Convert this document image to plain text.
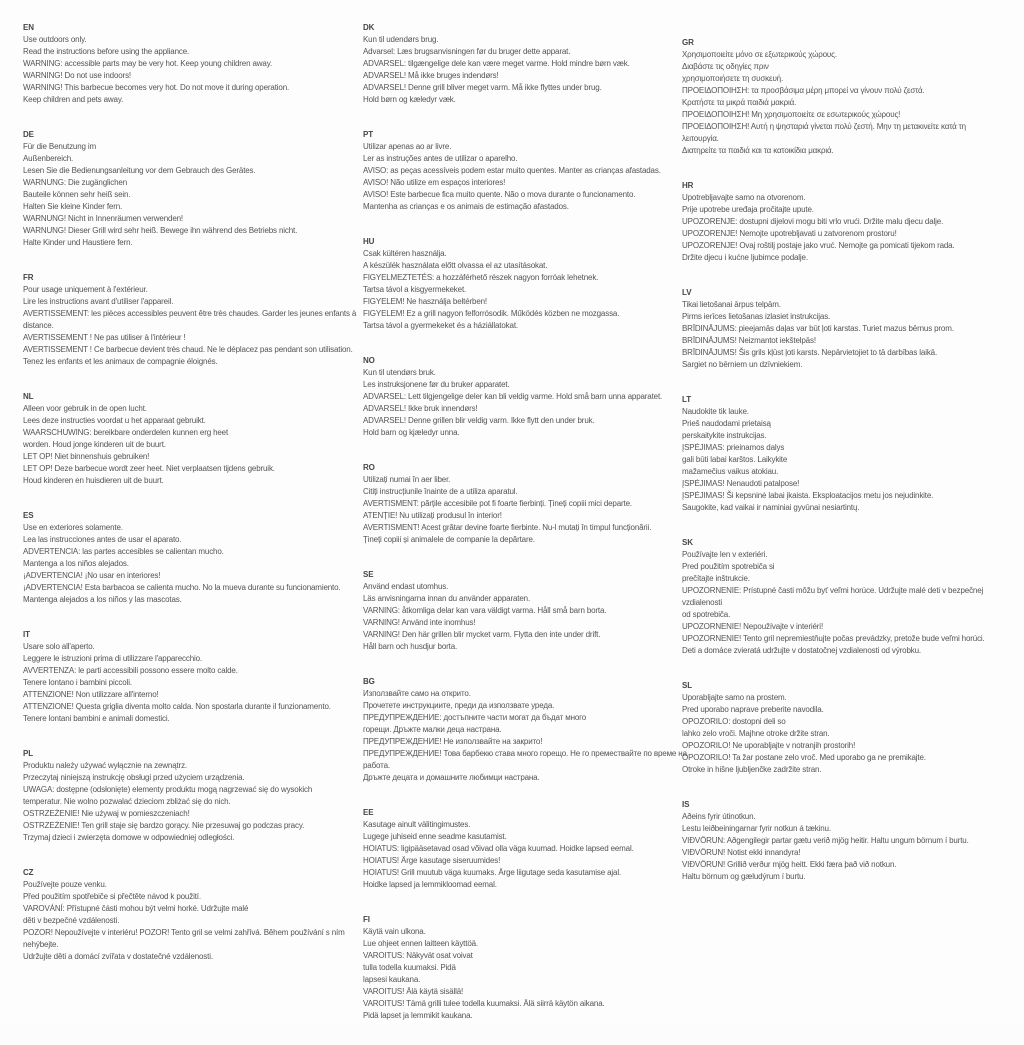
EN
Use outdoors only.
Read the instructions before using the appliance.
WARNING: accessible parts may be very hot. Keep young children away.
WARNING! Do not use indoors!
WARNING! This barbecue becomes very hot. Do not move it during operation.
Keep children and pets away.
DE
Für die Benutzung im
Außenbereich.
Lesen Sie die Bedienungsanleitung vor dem Gebrauch des Gerätes.
WARNUNG: Die zugänglichen
Bauteile können sehr heiß sein.
Halten Sie kleine Kinder fern.
WARNUNG! Nicht in Innenräumen verwenden!
WARNUNG! Dieser Grill wird sehr heiß. Bewege ihn während des Betriebs nicht.
Halte Kinder und Haustiere fern.
FR
Pour usage uniquement à l'extérieur.
Lire les instructions avant d'utiliser l'appareil.
AVERTISSEMENT: les pièces accessibles peuvent être très chaudes. Garder les jeunes enfants à
distance.
AVERTISSEMENT ! Ne pas utiliser à l'intérieur !
AVERTISSEMENT ! Ce barbecue devient très chaud. Ne le déplacez pas pendant son utilisation.
Tenez les enfants et les animaux de compagnie éloignés.
NL
Alleen voor gebruik in de open lucht.
Lees deze instructies voordat u het apparaat gebruikt.
WAARSCHUWING: bereikbare onderdelen kunnen erg heet
worden. Houd jonge kinderen uit de buurt.
LET OP! Niet binnenshuis gebruiken!
LET OP! Deze barbecue wordt zeer heet. Niet verplaatsen tijdens gebruik.
Houd kinderen en huisdieren uit de buurt.
ES
Use en exteriores solamente.
Lea las instrucciones antes de usar el aparato.
ADVERTENCIA: las partes accesibles se calientan mucho.
Mantenga a los niños alejados.
¡ADVERTENCIA! ¡No usar en interiores!
¡ADVERTENCIA! Esta barbacoa se calienta mucho. No la mueva durante su funcionamiento.
Mantenga alejados a los niños y las mascotas.
IT
Usare solo all'aperto.
Leggere le istruzioni prima di utilizzare l'apparecchio.
AVVERTENZA: le parti accessibili possono essere molto calde.
Tenere lontano i bambini piccoli.
ATTENZIONE! Non utilizzare all'interno!
ATTENZIONE! Questa griglia diventa molto calda. Non spostarla durante il funzionamento.
Tenere lontani bambini e animali domestici.
PL
Produktu należy używać wyłącznie na zewnątrz.
Przeczytaj niniejszą instrukcję obsługi przed użyciem urządzenia.
UWAGA: dostępne (odsłonięte) elementy produktu mogą nagrzewać się do wysokich
temperatur. Nie wolno pozwalać dzieciom zbliżać się do nich.
OSTRZEŻENIE! Nie używaj w pomieszczeniach!
OSTRZEŻENIE! Ten grill staje się bardzo gorący. Nie przesuwaj go podczas pracy.
Trzymaj dzieci i zwierzęta domowe w odpowiedniej odległości.
CZ
Používejte pouze venku.
Před použitím spotřebiče si přečtěte návod k použití.
VAROVÁNÍ: Přístupné části mohou být velmi horké. Udržujte malé
děti v bezpečné vzdálenosti.
POZOR! Nepoužívejte v interiéru! POZOR! Tento gril se velmi zahřívá. Během používání s ním
nehýbejte.
Udržujte děti a domácí zvířata v dostatečné vzdálenosti.
DK
Kun til udendørs brug.
Advarsel: Læs brugsanvisningen før du bruger dette apparat.
ADVARSEL: tilgængelige dele kan være meget varme. Hold mindre børn væk.
ADVARSEL! Må ikke bruges indendørs!
ADVARSEL! Denne grill bliver meget varm. Må ikke flyttes under brug.
Hold børn og kæledyr væk.
PT
Utilizar apenas ao ar livre.
Ler as instruções antes de utilizar o aparelho.
AVISO: as peças acessíveis podem estar muito quentes. Manter as crianças afastadas.
AVISO! Não utilize em espaços interiores!
AVISO! Este barbecue fica muito quente. Não o mova durante o funcionamento.
Mantenha as crianças e os animais de estimação afastados.
HU
Csak kültéren használja.
A készülék használata előtt olvassa el az utasításokat.
FIGYELMEZTETÉS: a hozzáférhető részek nagyon forróak lehetnek.
Tartsa távol a kisgyermekeket.
FIGYELEM! Ne használja beltérben!
FIGYELEM! Ez a grill nagyon felforrósodik. Működés közben ne mozgassa.
Tartsa távol a gyermekeket és a háziállatokat.
NO
Kun til utendørs bruk.
Les instruksjonene før du bruker apparatet.
ADVARSEL: Lett tilgjengelige deler kan bli veldig varme. Hold små barn unna apparatet.
ADVARSEL! Ikke bruk innendørs!
ADVARSEL! Denne grillen blir veldig varm. Ikke flytt den under bruk.
Hold barn og kjæledyr unna.
RO
Utilizați numai în aer liber.
Citiți instrucțiunile înainte de a utiliza aparatul.
AVERTISMENT: părțile accesibile pot fi foarte fierbinți. Țineți copiii mici departe.
ATENȚIE! Nu utilizați produsul în interior!
AVERTISMENT! Acest grătar devine foarte fierbinte. Nu-l mutați în timpul funcționării.
Țineți copiii și animalele de companie la depărtare.
SE
Använd endast utomhus.
Läs anvisningarna innan du använder apparaten.
VARNING: åtkomliga delar kan vara väldigt varma. Håll små barn borta.
VARNING! Använd inte inomhus!
VARNING! Den här grillen blir mycket varm. Flytta den inte under drift.
Håll barn och husdjur borta.
BG
Използвайте само на открито.
Прочетете инструкциите, преди да използвате уреда.
ПРЕДУПРЕЖДЕНИЕ: достъпните части могат да бъдат много
горещи. Дръжте малки деца настрана.
ПРЕДУПРЕЖДЕНИЕ! Не използвайте на закрито!
ПРЕДУПРЕЖДЕНИЕ! Това барбекю става много горещо. Не го премествайте по време на
работа.
Дръжте децата и домашните любимци настрана.
EE
Kasutage ainult välitingimustes.
Lugege juhiseid enne seadme kasutamist.
HOIATUS: ligipääsetavad osad võivad olla väga kuumad. Hoidke lapsed eemal.
HOIATUS! Ärge kasutage siseruumides!
HOIATUS! Grill muutub väga kuumaks. Ärge liigutage seda kasutamise ajal.
Hoidke lapsed ja lemmikloomad eemal.
FI
Käytä vain ulkona.
Lue ohjeet ennen laitteen käyttöä.
VAROITUS: Näkyvät osat voivat
tulla todella kuumaksi. Pidä
lapsesi kaukana.
VAROITUS! Älä käytä sisällä!
VAROITUS! Tämä grilli tulee todella kuumaksi. Älä siirrä käytön aikana.
Pidä lapset ja lemmikit kaukana.
GR
Χρησιμοποιείτε μόνο σε εξωτερικούς χώρους.
Διαβάστε τις οδηγίες πριν
χρησιμοποιήσετε τη συσκευή.
ΠΡΟΕΙΔΟΠΟΙΗΣΗ: τα προσβάσιμα μέρη μπορεί να γίνουν πολύ ζεστά.
Κρατήστε τα μικρά παιδιά μακριά.
ΠΡΟΕΙΔΟΠΟΙΗΣΗ! Μη χρησιμοποιείτε σε εσωτερικούς χώρους!
ΠΡΟΕΙΔΟΠΟΙΗΣΗ! Αυτή η ψησταριά γίνεται πολύ ζεστή. Μην τη μετακινείτε κατά τη
λειτουργία.
Διατηρείτε τα παιδιά και τα κατοικίδια μακριά.
HR
Upotrebljavajte samo na otvorenom.
Prije upotrebe uređaja pročitajte upute.
UPOZORENJE: dostupni dijelovi mogu biti vrlo vrući. Držite malu djecu dalje.
UPOZORENJE! Nemojte upotrebljavati u zatvorenom prostoru!
UPOZORENJE! Ovaj roštilj postaje jako vruć. Nemojte ga pomicati tijekom rada.
Držite djecu i kućne ljubimce podalje.
LV
Tikai lietošanai ārpus telpām.
Pirms ierīces lietošanas izlasiet instrukcijas.
BRĪDINĀJUMS: pieejamās daļas var būt ļoti karstas. Turiet mazus bērnus prom.
BRĪDINĀJUMS! Neizmantot iekštelpās!
BRĪDINĀJUMS! Šis grils kļūst ļoti karsts. Nepārvietojiet to tā darbības laikā.
Sargiet no bērniem un dzīvniekiem.
LT
Naudokite tik lauke.
Prieš naudodami prietaisą
perskaitykite instrukcijas.
ĮSPĖJIMAS: prieinamos dalys
gali būti labai karštos. Laikykite
mažamečius vaikus atokiau.
ĮSPĖJIMAS! Nenaudoti patalpose!
ĮSPĖJIMAS! Ši kepsninė labai įkaista. Eksploatacijos metu jos nejudinkite.
Saugokite, kad vaikai ir naminiai gyvūnai nesiartintų.
SK
Používajte len v exteriéri.
Pred použitím spotrebiča si
prečítajte inštrukcie.
UPOZORNENIE: Prístupné časti môžu byť veľmi horúce. Udržujte malé deti v bezpečnej
vzdialenosti
od spotrebiča.
UPOZORNENIE! Nepoužívajte v interiéri!
UPOZORNENIE! Tento gril nepremiestňujte počas prevádzky, pretože bude veľmi horúci.
Deti a domáce zvieratá udržujte v dostatočnej vzdialenosti od výrobku.
SL
Uporabljajte samo na prostem.
Pred uporabo naprave preberite navodila.
OPOZORILO: dostopni deli so
lahko zelo vroči. Majhne otroke držite stran.
OPOZORILO! Ne uporabljajte v notranjih prostorih!
OPOZORILO! Ta žar postane zelo vroč. Med uporabo ga ne premikajte.
Otroke in hišne ljubljenčke zadržite stran.
IS
Aðeins fyrir útinotkun.
Lestu leiðbeiningarnar fyrir notkun á tækinu.
VIÐVÖRUN: Aðgengilegir partar gætu verið mjög heitir. Haltu ungum börnum í burtu.
VIÐVÖRUN! Notist ekki innandyra!
VIÐVÖRUN! Grillið verður mjög heitt. Ekki færa það við notkun.
Haltu börnum og gæludýrum í burtu.
